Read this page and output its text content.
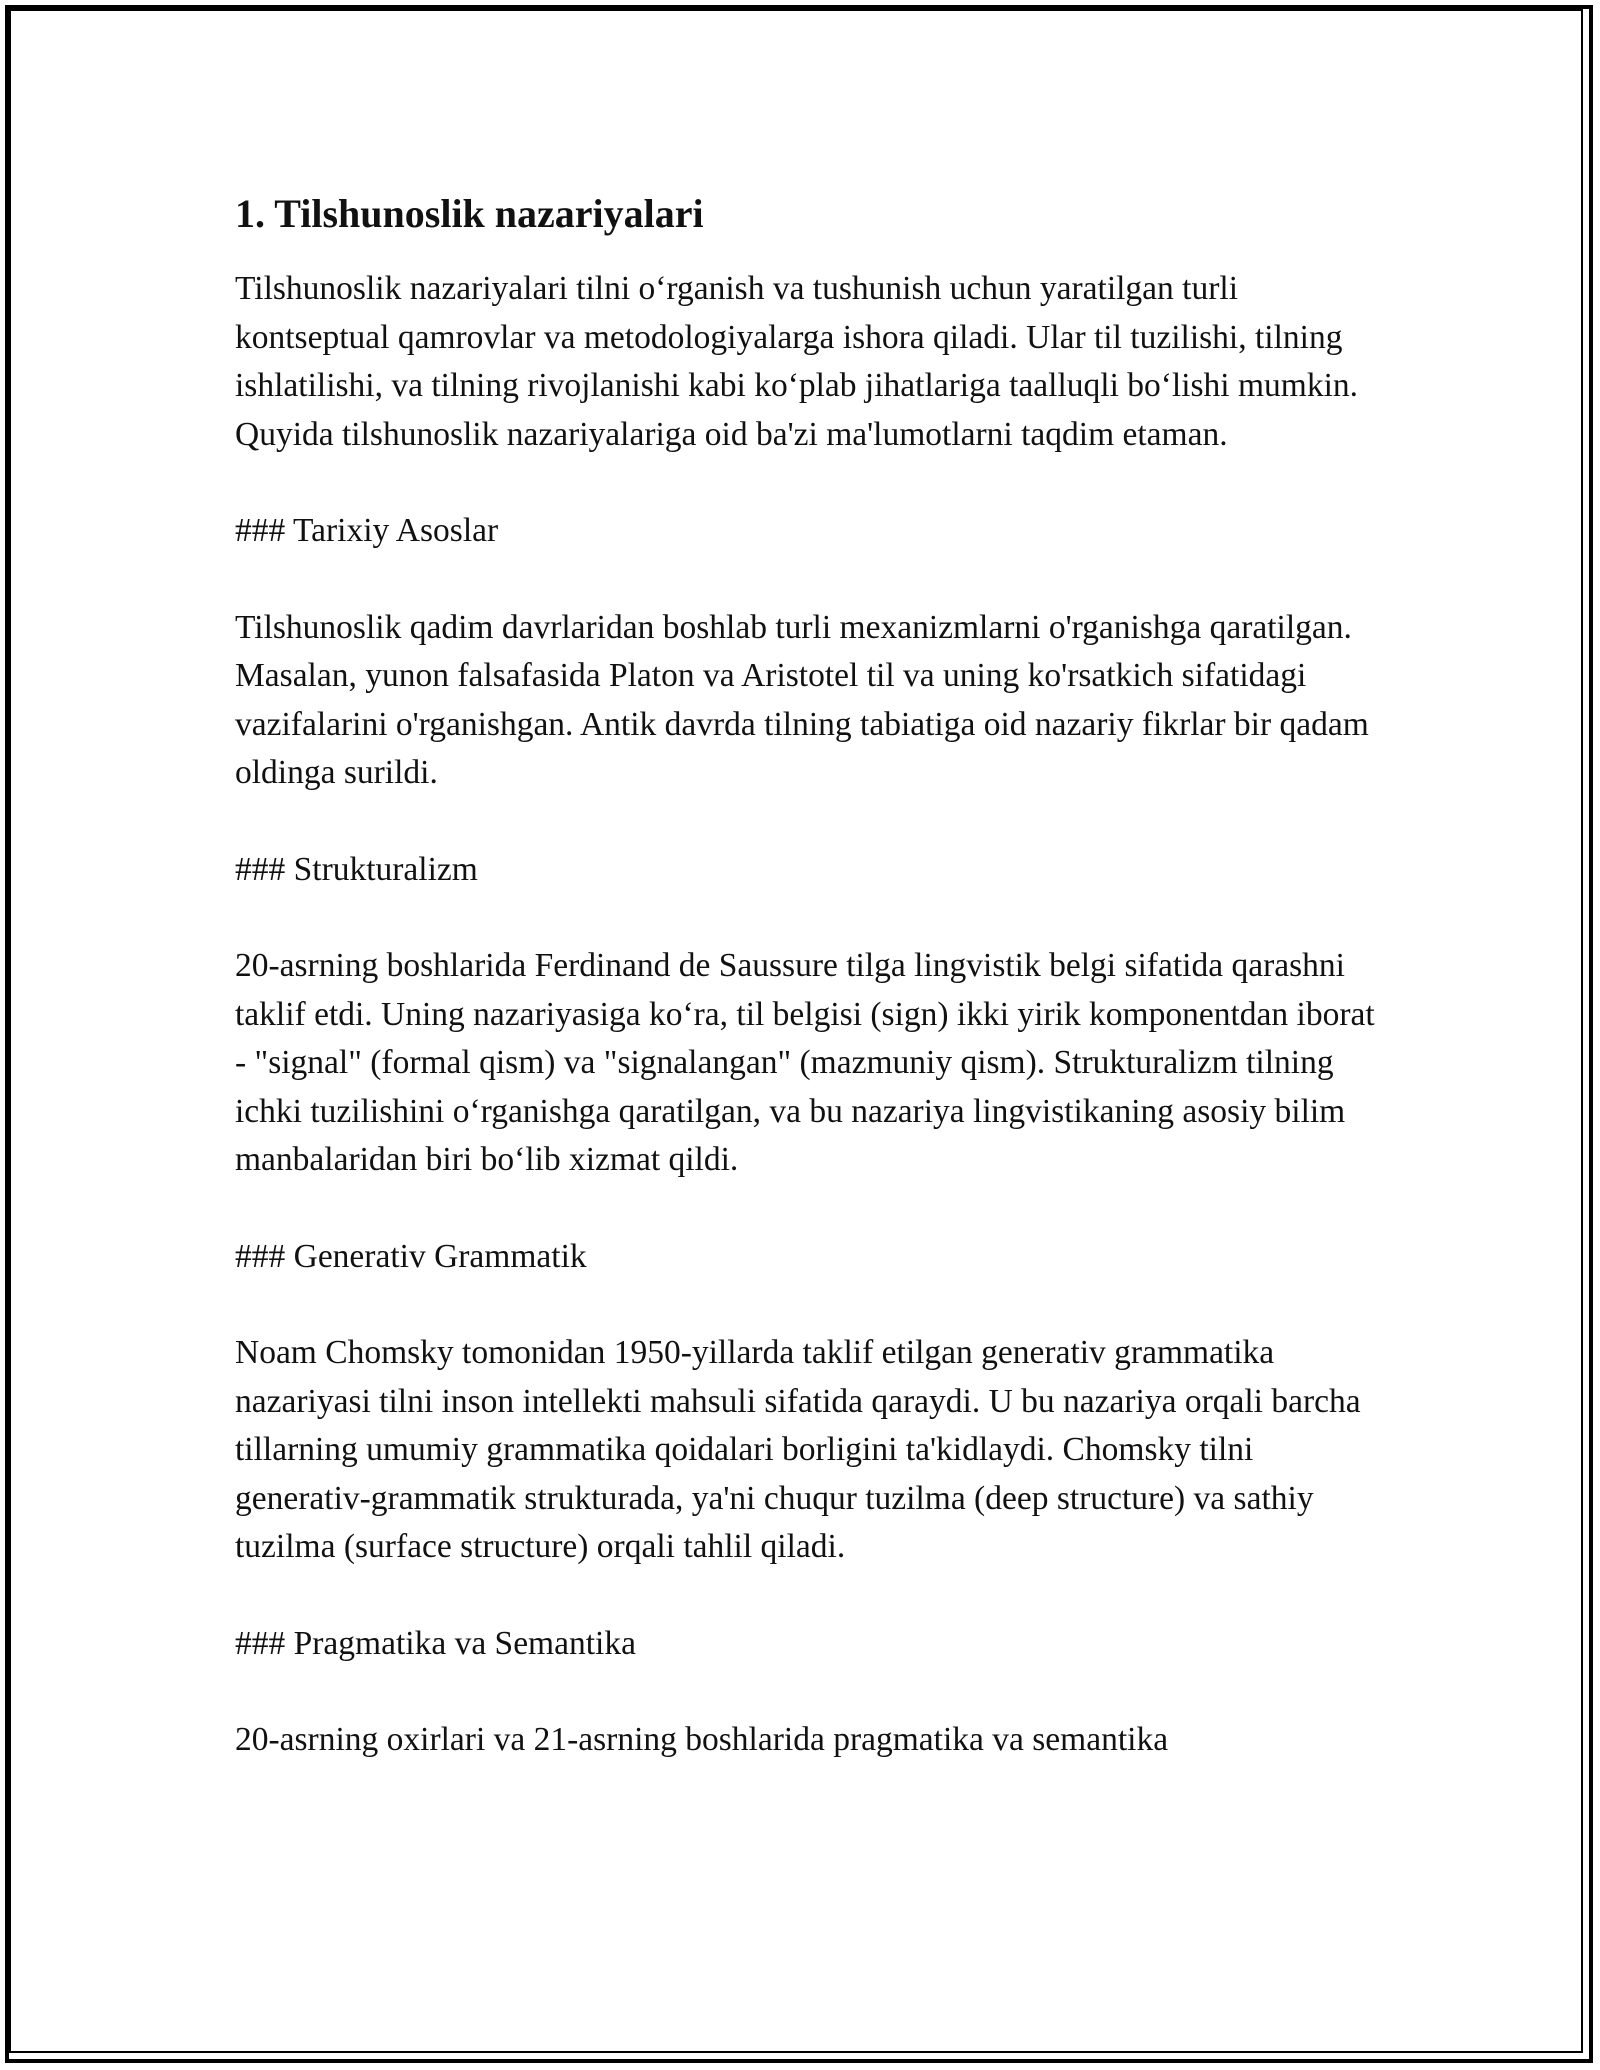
1. Tilshunoslik nazariyalari

Tilshunoslik nazariyalari tilni o‘rganish va tushunish uchun yaratilgan turli kontseptual qamrovlar va metodologiyalarga ishora qiladi. Ular til tuzilishi, tilning ishlatilishi, va tilning rivojlanishi kabi ko‘plab jihatlariga taalluqli bo‘lishi mumkin. Quyida tilshunoslik nazariyalariga oid ba'zi ma'lumotlarni taqdim etaman.

### Tarixiy Asoslar

Tilshunoslik qadim davrlaridan boshlab turli mexanizmlarni o'rganishga qaratilgan. Masalan, yunon falsafasida Platon va Aristotel til va uning ko'rsatkich sifatidagi vazifalarini o'rganishgan. Antik davrda tilning tabiatiga oid nazariy fikrlar bir qadam oldinga surildi.

### Strukturalizm

20-asrning boshlarida Ferdinand de Saussure tilga lingvistik belgi sifatida qarashni taklif etdi. Uning nazariyasiga ko‘ra, til belgisi (sign) ikki yirik komponentdan iborat - "signal" (formal qism) va "signalangan" (mazmuniy qism). Strukturalizm tilning ichki tuzilishini o‘rganishga qaratilgan, va bu nazariya lingvistikaning asosiy bilim manbalaridan biri bo‘lib xizmat qildi.

### Generativ Grammatik

Noam Chomsky tomonidan 1950-yillarda taklif etilgan generativ grammatika nazariyasi tilni inson intellekti mahsuli sifatida qaraydi. U bu nazariya orqali barcha tillarning umumiy grammatika qoidalari borligini ta'kidlaydi. Chomsky tilni generativ-grammatik strukturada, ya'ni chuqur tuzilma (deep structure) va sathiy tuzilma (surface structure) orqali tahlil qiladi.

### Pragmatika va Semantika

20-asrning oxirlari va 21-asrning boshlarida pragmatika va semantika
